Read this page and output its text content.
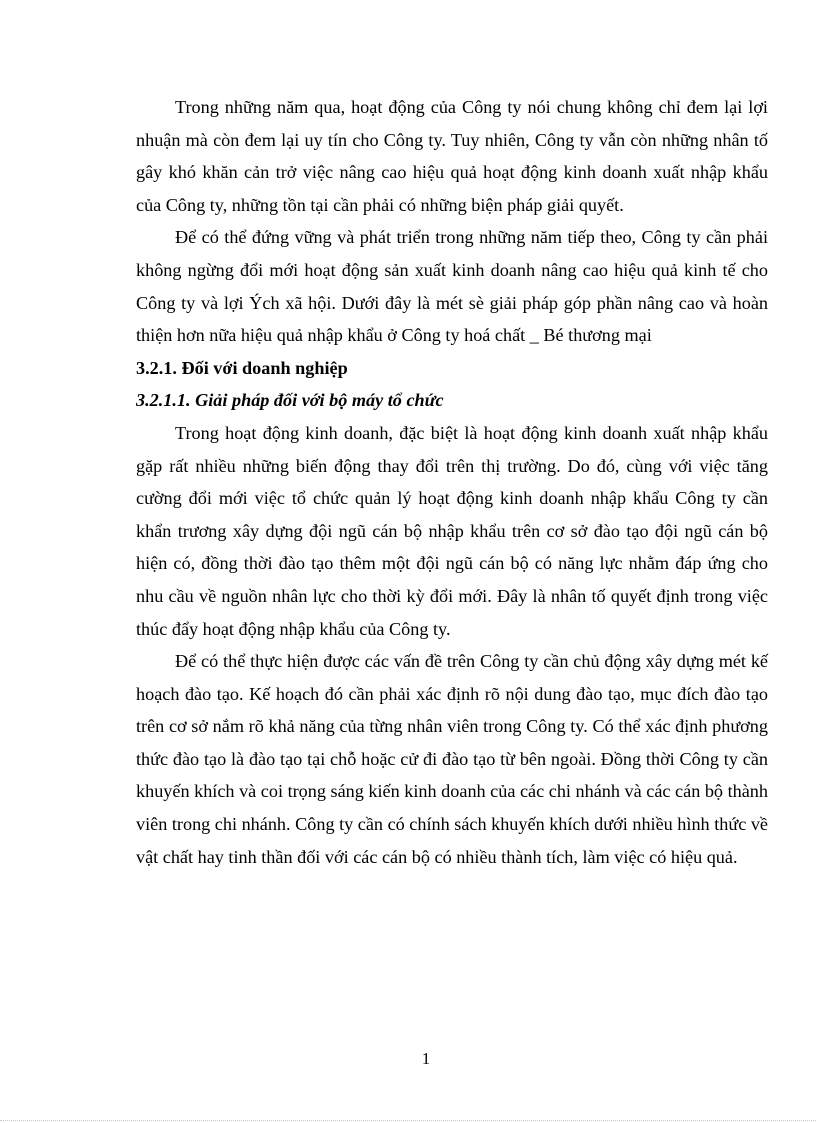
Trong những năm qua, hoạt động của Công ty nói chung không chỉ đem lại lợi nhuận mà còn đem lại uy tín cho Công ty. Tuy nhiên, Công ty vẫn còn những nhân tố gây khó khăn cản trở việc nâng cao hiệu quả hoạt động kinh doanh xuất nhập khẩu của Công ty, những tồn tại cần phải có những biện pháp giải quyết.

Để có thể đứng vững và phát triển trong những năm tiếp theo, Công ty cần phải không ngừng đổi mới hoạt động sản xuất kinh doanh nâng cao hiệu quả kinh tế cho Công ty và lợi Ých xã hội. Dưới đây là mét sè giải pháp góp phần nâng cao và hoàn thiện hơn nữa hiệu quả nhập khẩu ở Công ty hoá chất _ Bé thương mại

3.2.1. Đối với doanh nghiệp

3.2.1.1. Giải pháp đối với bộ máy tổ chức

Trong hoạt động kinh doanh, đặc biệt là hoạt động kinh doanh xuất nhập khẩu gặp rất nhiều những biến động thay đổi trên thị trường. Do đó, cùng với việc tăng cường đổi mới việc tổ chức quản lý hoạt động kinh doanh nhập khẩu Công ty cần khẩn trương xây dựng đội ngũ cán bộ nhập khẩu trên cơ sở đào tạo đội ngũ cán bộ hiện có, đồng thời đào tạo thêm một đội ngũ cán bộ có năng lực nhằm đáp ứng cho nhu cầu về nguồn nhân lực cho thời kỳ đổi mới. Đây là nhân tố quyết định trong việc thúc đẩy hoạt động nhập khẩu của Công ty.

Để có thể thực hiện được các vấn đề trên Công ty cần chủ động xây dựng mét kế hoạch đào tạo. Kế hoạch đó cần phải xác định rõ nội dung đào tạo, mục đích đào tạo trên cơ sở nắm rõ khả năng của từng nhân viên trong Công ty. Có thể xác định phương thức đào tạo là đào tạo tại chỗ hoặc cử đi đào tạo từ bên ngoài. Đồng thời Công ty cần khuyến khích và coi trọng sáng kiến kinh doanh của các chi nhánh và các cán bộ thành viên trong chi nhánh. Công ty cần có chính sách khuyến khích dưới nhiều hình thức về vật chất hay tinh thần đối với các cán bộ có nhiều thành tích, làm việc có hiệu quả.

1
